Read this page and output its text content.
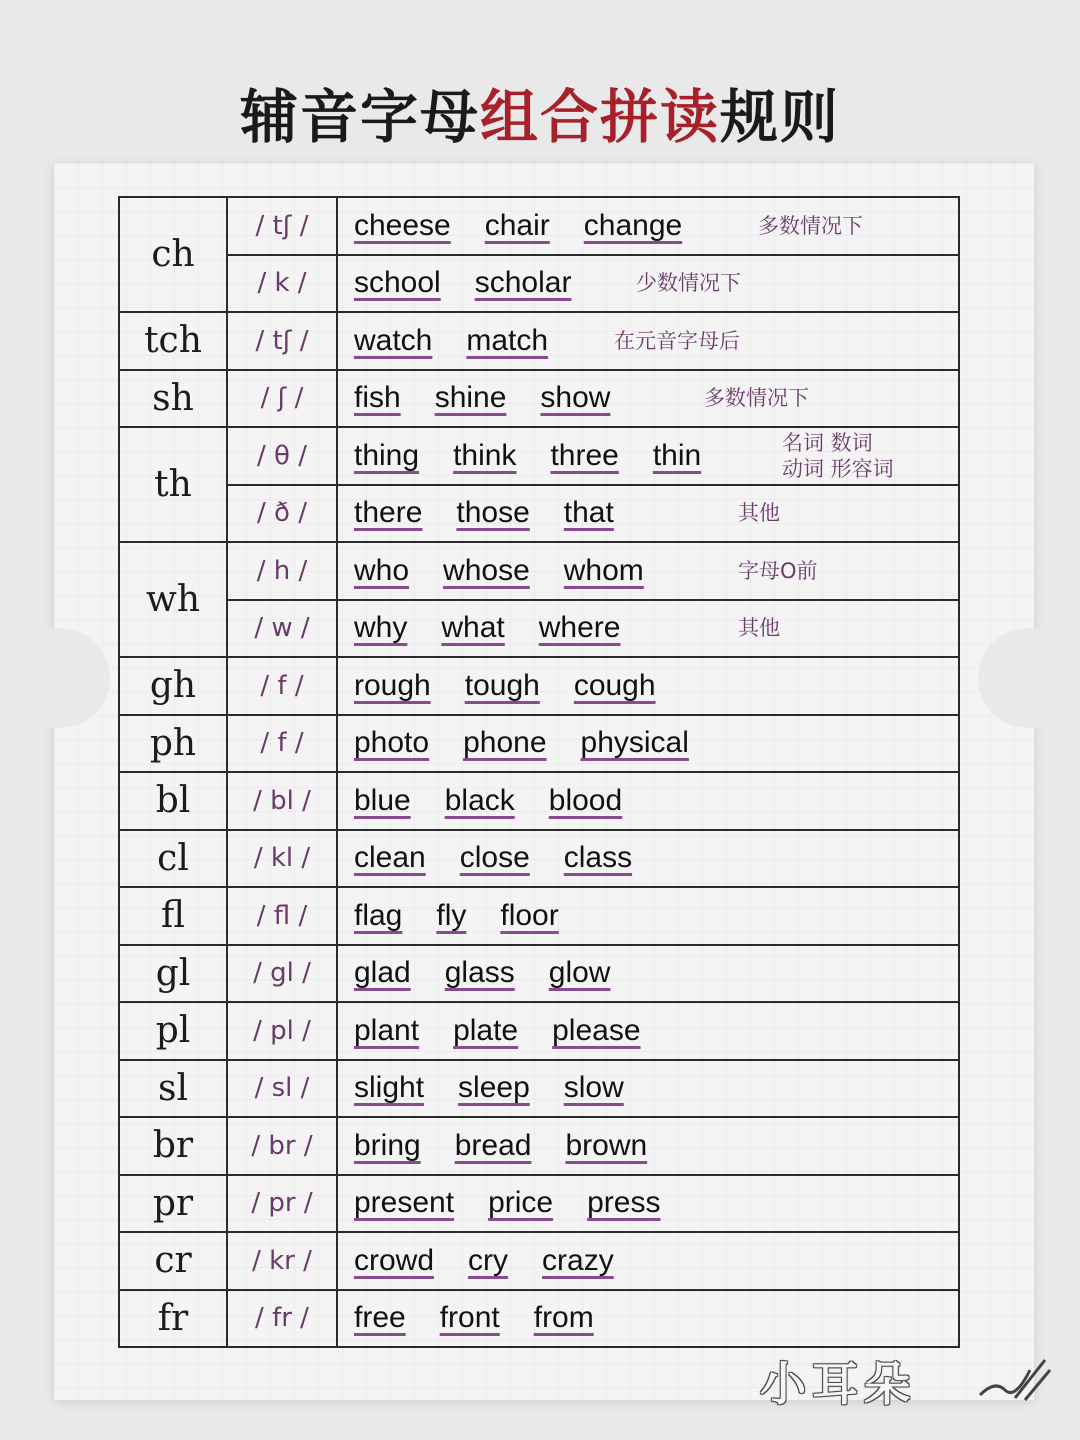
辅音字母组合拼读规则
ch	/ tʃ /	cheese chair change 多数情况下

	/ k /	school scholar 少数情况下

tch	/ tʃ /	watch match 在元音字母后

sh	/ ʃ /	fish shine show 多数情况下

th	/ θ /	thing think three thin 名词 数词
动词 形容词

	/ ð /	there those that 其他

wh	/ h /	who whose whom 字母O前

	/ w /	why what where 其他

gh	/ f /	rough tough cough
ph	/ f /	photo phone physical
bl	/ bl /	blue black blood
cl	/ kl /	clean close class
fl	/ fl /	flag fly floor
gl	/ gl /	glad glass glow
pl	/ pl /	plant plate please
sl	/ sl /	slight sleep slow
br	/ br /	bring bread brown
pr	/ pr /	present price press
cr	/ kr /	crowd cry crazy
fr	/ fr /	free front from
小耳朵
